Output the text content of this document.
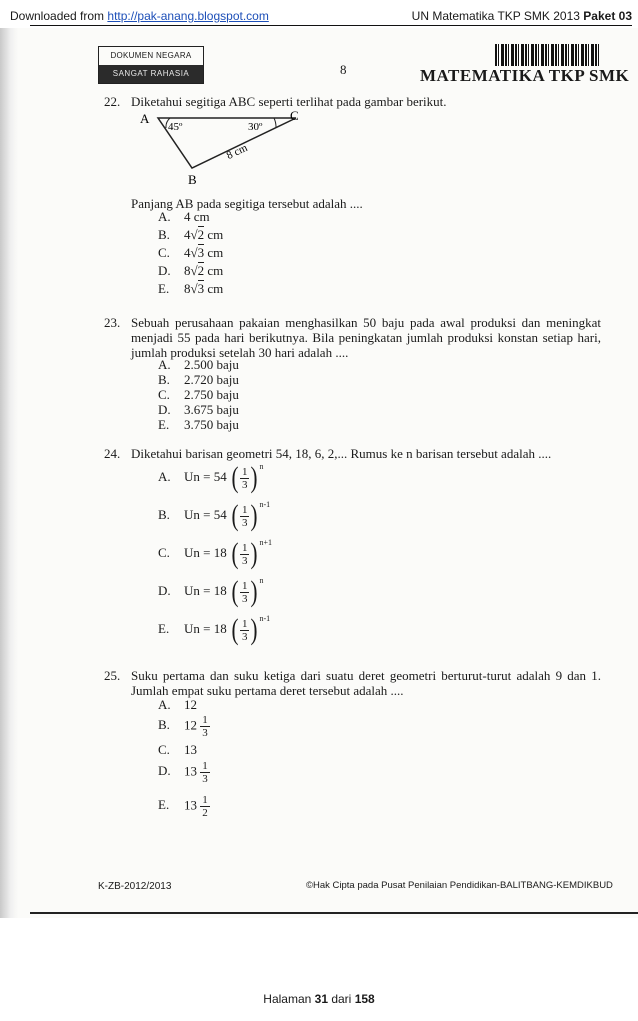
Downloaded from http://pak-anang.blogspot.com	UN Matematika TKP SMK 2013 Paket 03
DOKUMEN NEGARA
SANGAT RAHASIA	8	MATEMATIKA TKP SMK
22. Diketahui segitiga ABC seperti terlihat pada gambar berikut.
A	C
B
45º	30º
8 cm
Panjang AB pada segitiga tersebut adalah ....
A. 4 cm
B. 4√2 cm
C. 4√3 cm
D. 8√2 cm
E. 8√3 cm
23. Sebuah perusahaan pakaian menghasilkan 50 baju pada awal produksi dan meningkat menjadi 55 pada hari berikutnya. Bila peningkatan jumlah produksi konstan setiap hari, jumlah produksi setelah 30 hari adalah ....
A. 2.500 baju
B. 2.720 baju
C. 2.750 baju
D. 3.675 baju
E. 3.750 baju
24. Diketahui barisan geometri 54, 18, 6, 2,... Rumus ke n barisan tersebut adalah ....
A. Un = 54 ( $\frac{1}{3}$ ) $^n$
B. Un = 54 ( $\frac{1}{3}$ ) $^{n-1}$
C. Un = 18 ( $\frac{1}{3}$ ) $^{n+1}$
D. Un = 18 ( $\frac{1}{3}$ ) $^n$
E. Un = 18 ( $\frac{1}{3}$ ) $^{n-1}$
25. Suku pertama dan suku ketiga dari suatu deret geometri berturut-turut adalah 9 dan 1. Jumlah empat suku pertama deret tersebut adalah ....
A. 12
B. $12 \frac{1}{3}$
C. 13
D. $13 \frac{1}{3}$
E. $13 \frac{1}{2}$
K-ZB-2012/2013	©Hak Cipta pada Pusat Penilaian Pendidikan-BALITBANG-KEMDIKBUD
Halaman 31 dari 158
